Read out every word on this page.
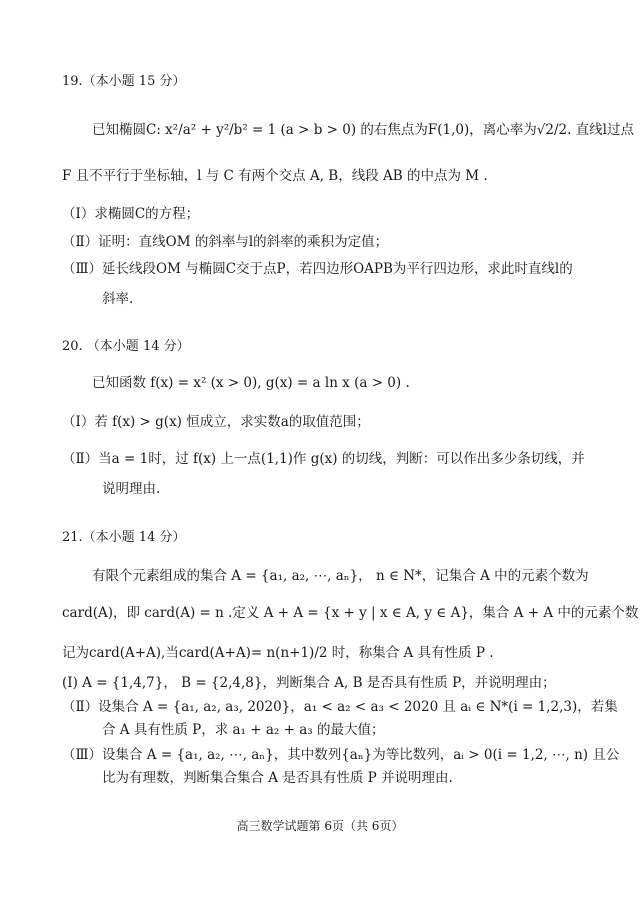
19.（本小题 15 分）
已知椭圆C: x²/a² + y²/b² = 1 (a > b > 0) 的右焦点为F(1,0)，离心率为√2/2. 直线l过点
F 且不平行于坐标轴，l 与 C 有两个交点 A, B，线段 AB 的中点为 M .
（Ⅰ）求椭圆C的方程；
（Ⅱ）证明：直线OM 的斜率与l的斜率的乘积为定值；
（Ⅲ）延长线段OM 与椭圆C交于点P，若四边形OAPB为平行四边形，求此时直线l的
斜率.
20. （本小题 14 分）
已知函数 f(x) = x² (x > 0), g(x) = a ln x (a > 0) .
（Ⅰ）若 f(x) > g(x) 恒成立，求实数a的取值范围；
（Ⅱ）当a = 1时，过 f(x) 上一点(1,1)作 g(x) 的切线，判断：可以作出多少条切线，并
说明理由.
21.（本小题 14 分）
有限个元素组成的集合 A = {a₁, a₂, ⋯, aₙ}， n ∈ N*，记集合 A 中的元素个数为
card(A)，即 card(A) = n .定义 A + A = {x + y | x ∈ A, y ∈ A}，集合 A + A 中的元素个数
记为card(A+A),当card(A+A)= n(n+1)/2 时，称集合 A 具有性质 P .
(Ⅰ) A = {1,4,7}， B = {2,4,8}，判断集合 A, B 是否具有性质 P，并说明理由；
（Ⅱ）设集合 A = {a₁, a₂, a₃, 2020}，a₁ < a₂ < a₃ < 2020 且 aᵢ ∈ N*(i = 1,2,3)，若集
合 A 具有性质 P，求 a₁ + a₂ + a₃ 的最大值；
（Ⅲ）设集合 A = {a₁, a₂, ⋯, aₙ}，其中数列{aₙ}为等比数列，aᵢ > 0(i = 1,2, ⋯, n) 且公
比为有理数，判断集合集合 A 是否具有性质 P 并说明理由.
高三数学试题第 6页（共 6页）
